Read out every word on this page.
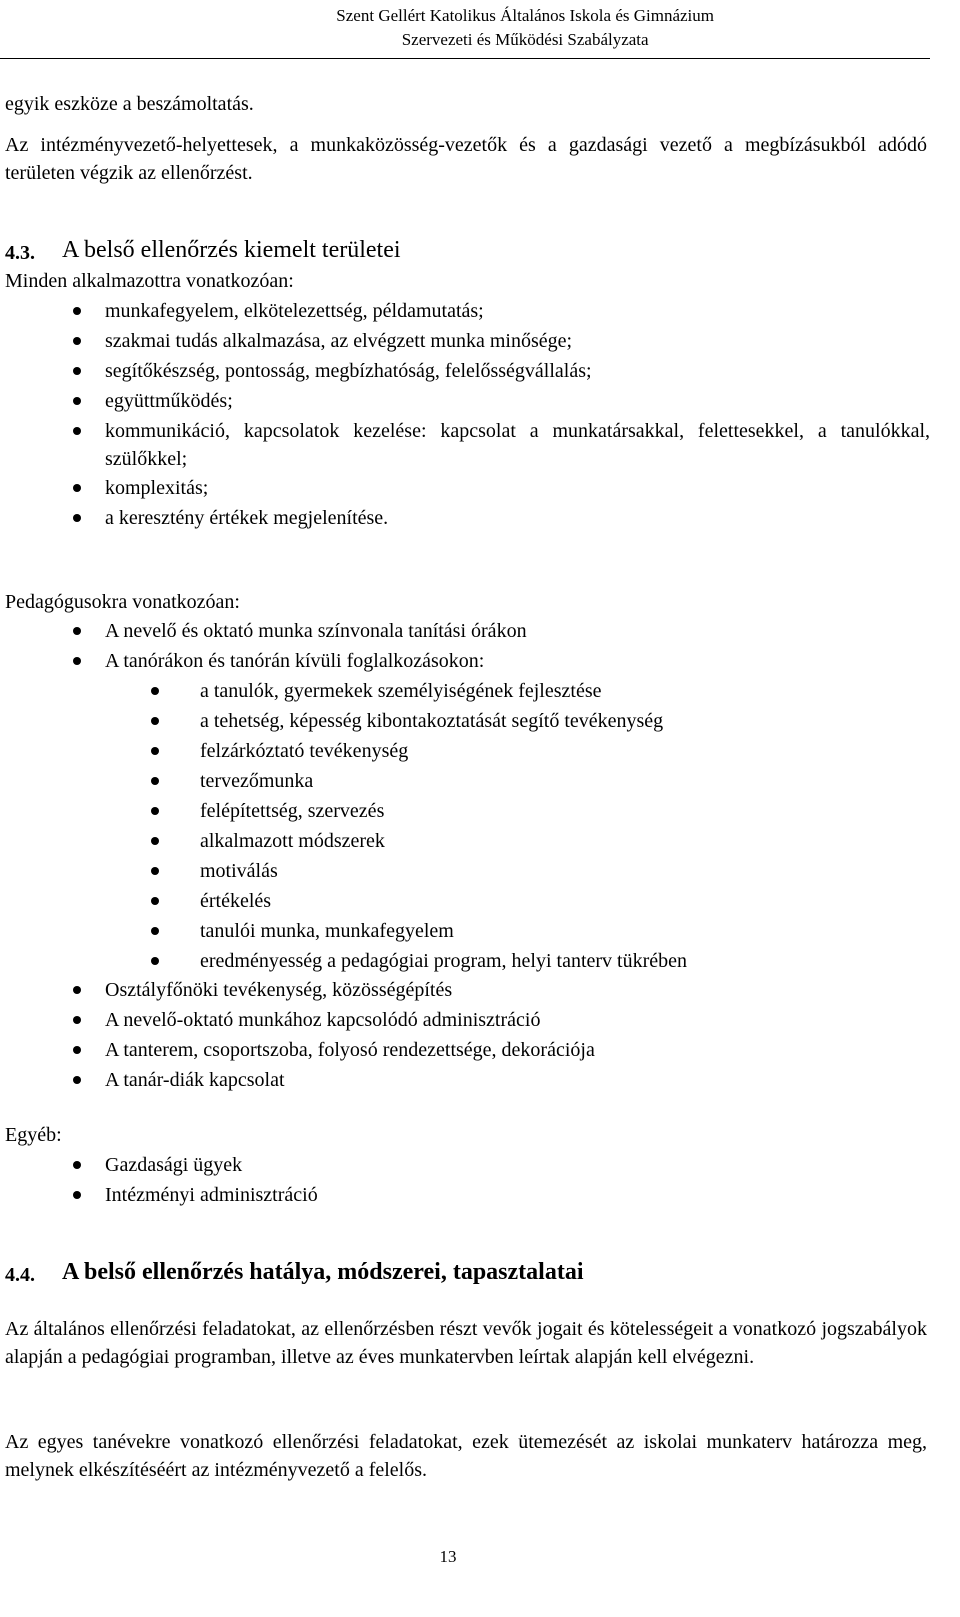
Szent Gellért Katolikus Általános Iskola és Gimnázium
Szervezeti és Működési Szabályzata

egyik eszköze a beszámoltatás.

Az intézményvezető-helyettesek, a munkaközösség-vezetők és a gazdasági vezető a megbízásukból adódó területen végzik az ellenőrzést.

4.3. A belső ellenőrzés kiemelt területei

Minden alkalmazottra vonatkozóan:

munkafegyelem, elkötelezettség, példamutatás;
szakmai tudás alkalmazása, az elvégzett munka minősége;
segítőkészség, pontosság, megbízhatóság, felelősségvállalás;
együttműködés;
kommunikáció, kapcsolatok kezelése: kapcsolat a munkatársakkal, felettesekkel, a tanulókkal, szülőkkel;
komplexitás;
a keresztény értékek megjelenítése.

Pedagógusokra vonatkozóan:

A nevelő és oktató munka színvonala tanítási órákon
A tanórákon és tanórán kívüli foglalkozásokon:
a tanulók, gyermekek személyiségének fejlesztése
a tehetség, képesség kibontakoztatását segítő tevékenység
felzárkóztató tevékenység
tervezőmunka
felépítettség, szervezés
alkalmazott módszerek
motiválás
értékelés
tanulói munka, munkafegyelem
eredményesség a pedagógiai program, helyi tanterv tükrében
Osztályfőnöki tevékenység, közösségépítés
A nevelő-oktató munkához kapcsolódó adminisztráció
A tanterem, csoportszoba, folyosó rendezettsége, dekorációja
A tanár-diák kapcsolat

Egyéb:

Gazdasági ügyek
Intézményi adminisztráció
4.4. A belső ellenőrzés hatálya, módszerei, tapasztalatai

Az általános ellenőrzési feladatokat, az ellenőrzésben részt vevők jogait és kötelességeit a vonatkozó jogszabályok alapján a pedagógiai programban, illetve az éves munkatervben leírtak alapján kell elvégezni.

Az egyes tanévekre vonatkozó ellenőrzési feladatokat, ezek ütemezését az iskolai munkaterv határozza meg, melynek elkészítéséért az intézményvezető a felelős.

13
